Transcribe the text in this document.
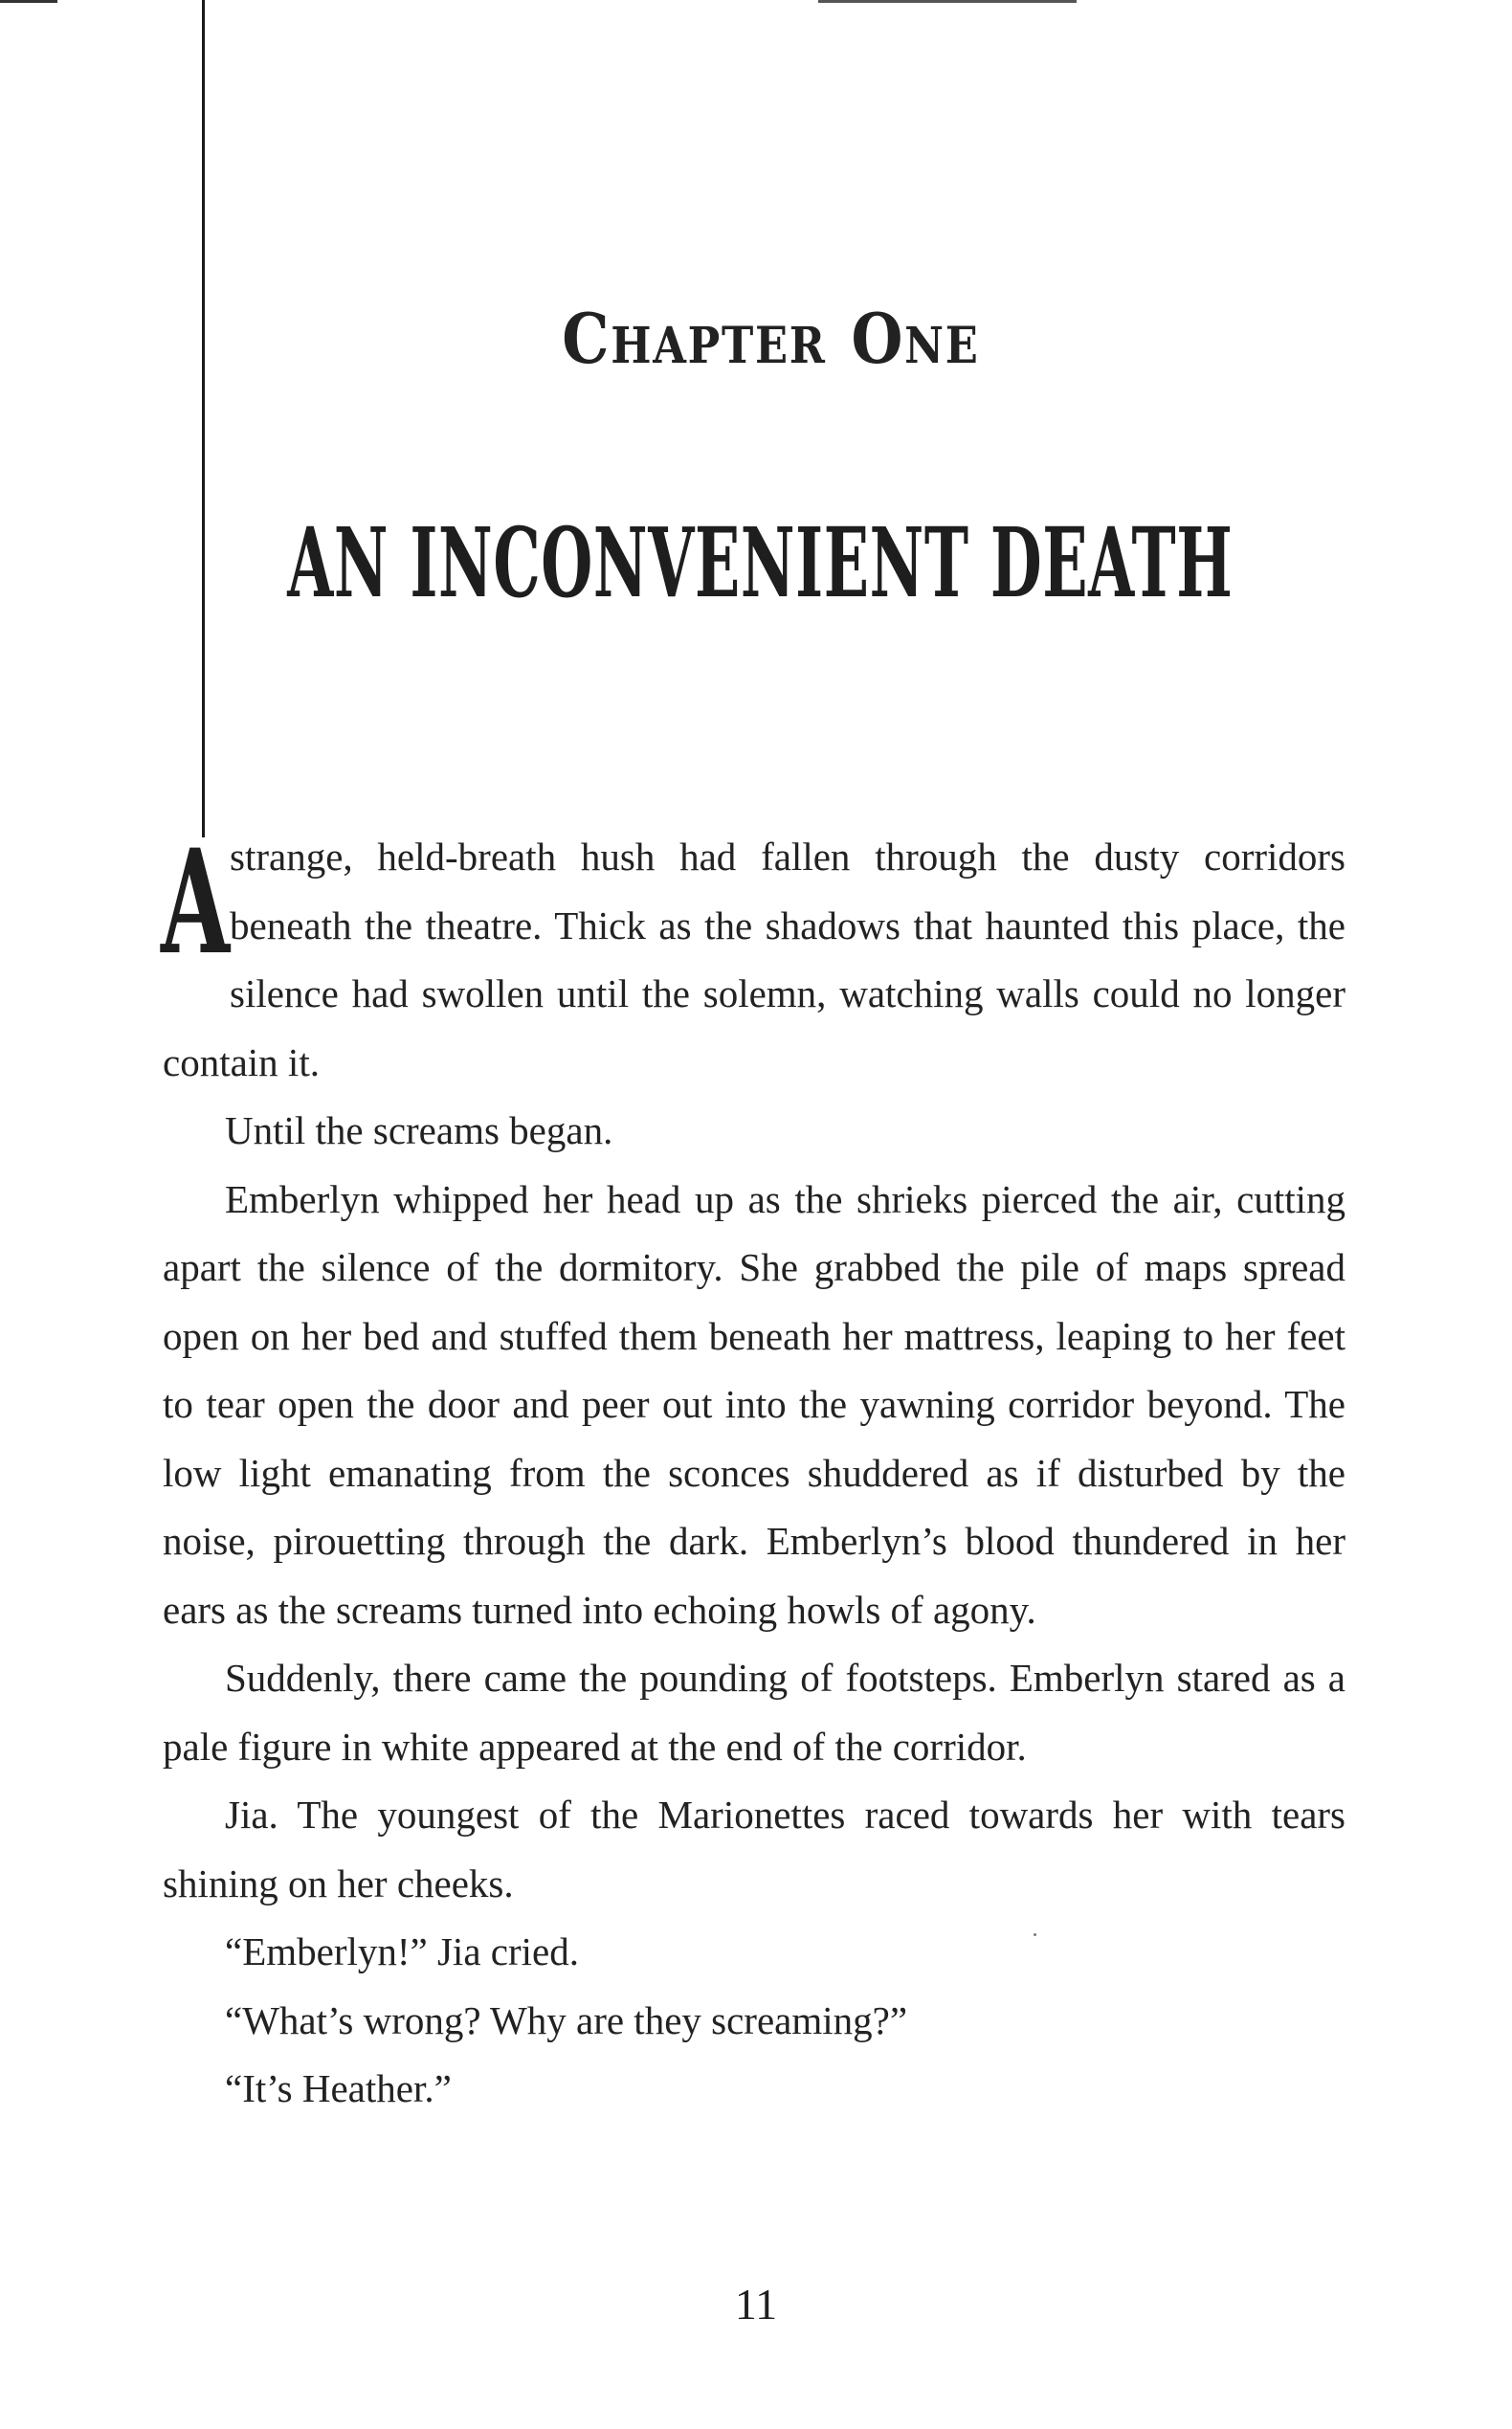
CHAPTER ONE
AN INCONVENIENT DEATH

Astrange, held-breath hush had fallen through the dusty corridors beneath the theatre. Thick as the shadows that haunted this place, the silence had swollen until the solemn, watching walls could no longer contain it.

Until the screams began.

Emberlyn whipped her head up as the shrieks pierced the air, cutting apart the silence of the dormitory. She grabbed the pile of maps spread open on her bed and stuffed them beneath her mattress, leaping to her feet to tear open the door and peer out into the yawning corridor beyond. The low light emanating from the sconces shuddered as if disturbed by the noise, pirouetting through the dark. Emberlyn’s blood thundered in her ears as the screams turned into echoing howls of agony.

Suddenly, there came the pounding of footsteps. Emberlyn stared as a pale figure in white appeared at the end of the corridor.

Jia. The youngest of the Marionettes raced towards her with tears shining on her cheeks.

“Emberlyn!” Jia cried.

“What’s wrong? Why are they screaming?”

“It’s Heather.”

11
